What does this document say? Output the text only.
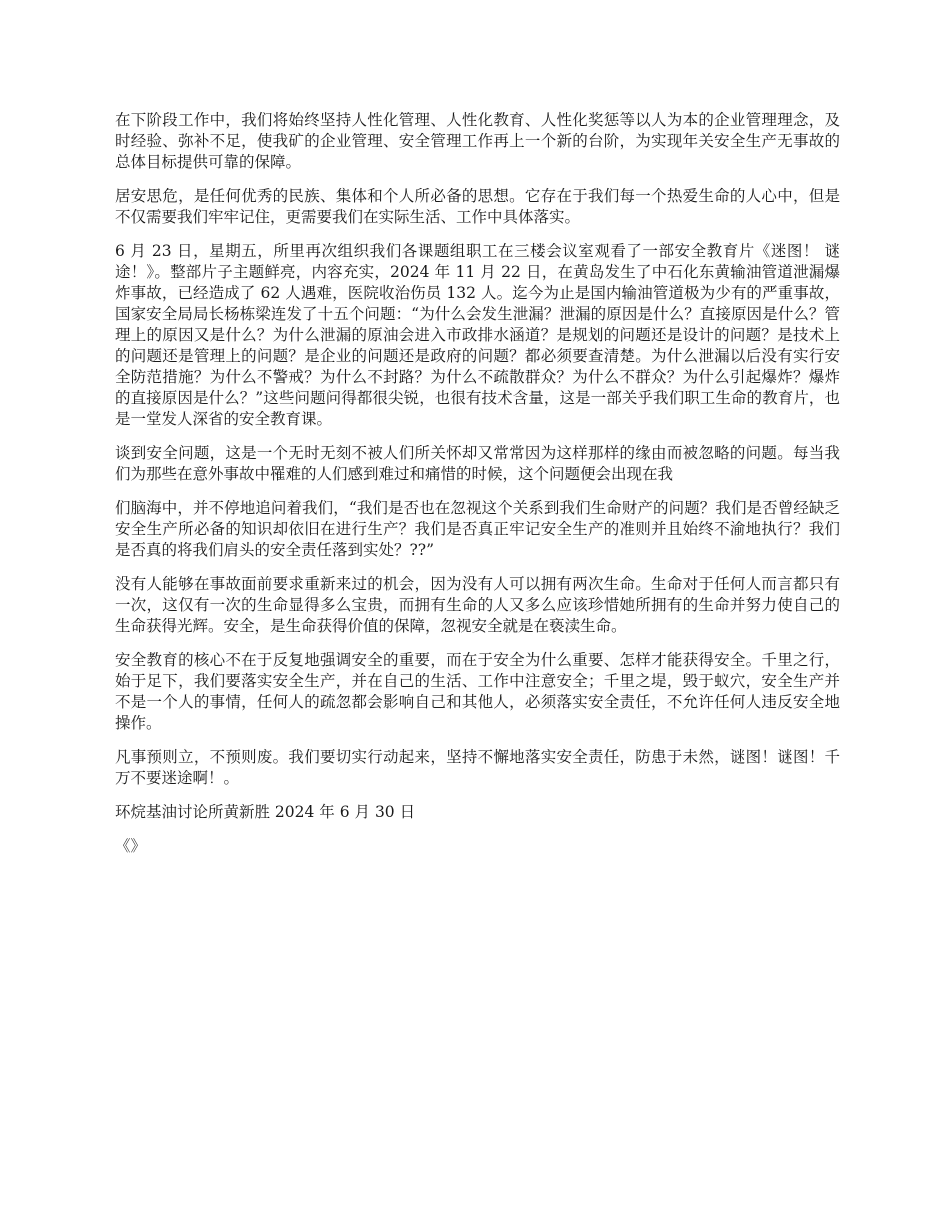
在下阶段工作中，我们将始终坚持人性化管理、人性化教育、人性化奖惩等以人为本的企业管理理念，及时经验、弥补不足，使我矿的企业管理、安全管理工作再上一个新的台阶，为实现年关安全生产无事故的总体目标提供可靠的保障。

居安思危，是任何优秀的民族、集体和个人所必备的思想。它存在于我们每一个热爱生命的人心中，但是不仅需要我们牢牢记住，更需要我们在实际生活、工作中具体落实。

6 月 23 日，星期五，所里再次组织我们各课题组职工在三楼会议室观看了一部安全教育片《迷图！ 谜途！》。整部片子主题鲜亮，内容充实，2024 年 11 月 22 日，在黄岛发生了中石化东黄输油管道泄漏爆炸事故，已经造成了 62 人遇难，医院收治伤员 132 人。迄今为止是国内输油管道极为少有的严重事故，国家安全局局长杨栋梁连发了十五个问题：“为什么会发生泄漏？泄漏的原因是什么？直接原因是什么？管理上的原因又是什么？为什么泄漏的原油会进入市政排水涵道？是规划的问题还是设计的问题？是技术上的问题还是管理上的问题？是企业的问题还是政府的问题？都必须要查清楚。为什么泄漏以后没有实行安全防范措施？为什么不警戒？为什么不封路？为什么不疏散群众？为什么不群众？为什么引起爆炸？爆炸的直接原因是什么？”这些问题问得都很尖锐，也很有技术含量，这是一部关乎我们职工生命的教育片，也是一堂发人深省的安全教育课。

谈到安全问题，这是一个无时无刻不被人们所关怀却又常常因为这样那样的缘由而被忽略的问题。每当我们为那些在意外事故中罹难的人们感到难过和痛惜的时候，这个问题便会出现在我

们脑海中，并不停地追问着我们，“我们是否也在忽视这个关系到我们生命财产的问题？我们是否曾经缺乏安全生产所必备的知识却依旧在进行生产？我们是否真正牢记安全生产的准则并且始终不渝地执行？我们是否真的将我们肩头的安全责任落到实处？??”

没有人能够在事故面前要求重新来过的机会，因为没有人可以拥有两次生命。生命对于任何人而言都只有一次，这仅有一次的生命显得多么宝贵，而拥有生命的人又多么应该珍惜她所拥有的生命并努力使自己的生命获得光辉。安全，是生命获得价值的保障，忽视安全就是在亵渎生命。

安全教育的核心不在于反复地强调安全的重要，而在于安全为什么重要、怎样才能获得安全。千里之行，始于足下，我们要落实安全生产，并在自己的生活、工作中注意安全；千里之堤，毁于蚁穴，安全生产并不是一个人的事情，任何人的疏忽都会影响自己和其他人，必须落实安全责任，不允许任何人违反安全地操作。

凡事预则立，不预则废。我们要切实行动起来，坚持不懈地落实安全责任，防患于未然，谜图！谜图！千万不要迷途啊！。

环烷基油讨论所黄新胜 2024 年 6 月 30 日

《》
